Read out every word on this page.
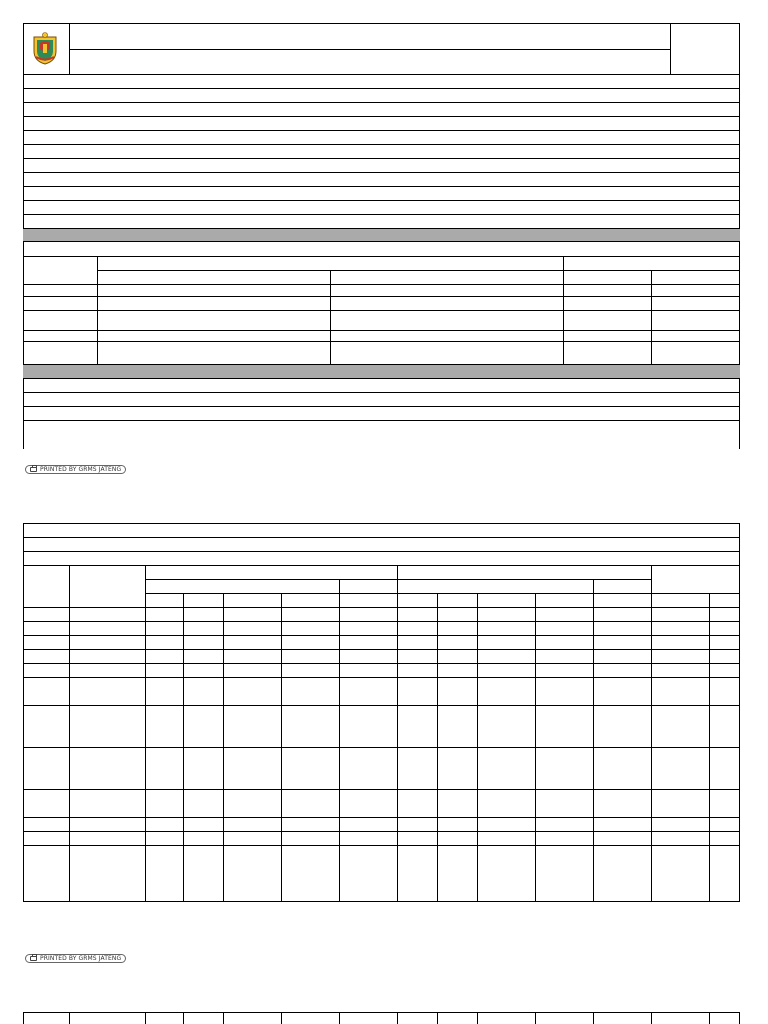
PRINTED BY GRMS JATENG
PRINTED BY GRMS JATENG
